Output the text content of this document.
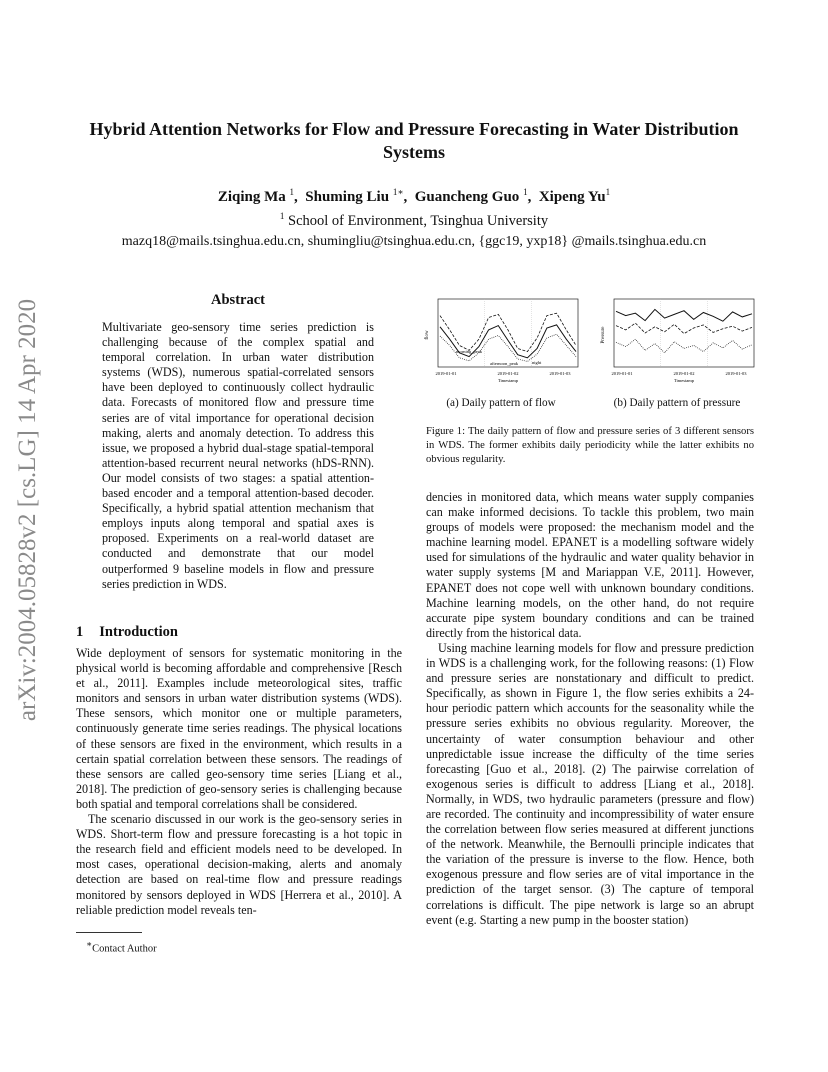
arXiv:2004.05828v2 [cs.LG] 14 Apr 2020
Hybrid Attention Networks for Flow and Pressure Forecasting in Water Distribution Systems
Ziqing Ma $^1$,  Shuming Liu $^{1∗}$,  Guancheng Guo $^1$,  Xipeng Yu$^1$
$^1$ School of Environment, Tsinghua University
mazq18@mails.tsinghua.edu.cn, shumingliu@tsinghua.edu.cn, {ggc19, yxp18} @mails.tsinghua.edu.cn
Abstract
Multivariate geo-sensory time series prediction is challenging because of the complex spatial and temporal correlation. In urban water distribution systems (WDS), numerous spatial-correlated sensors have been deployed to continuously collect hydraulic data. Forecasts of monitored flow and pressure time series are of vital importance for operational decision making, alerts and anomaly detection. To address this issue, we proposed a hybrid dual-stage spatial-temporal attention-based recurrent neural networks (hDS-RNN). Our model consists of two stages: a spatial attention-based encoder and a temporal attention-based decoder. Specifically, a hybrid spatial attention mechanism that employs inputs along temporal and spatial axes is proposed. Experiments on a real-world dataset are conducted and demonstrate that our model outperformed 9 baseline models in flow and pressure series prediction in WDS.
1 Introduction

Wide deployment of sensors for systematic monitoring in the physical world is becoming affordable and comprehensive [Resch et al., 2011]. Examples include meteorological sites, traffic monitors and sensors in urban water distribution systems (WDS). These sensors, which monitor one or multiple parameters, continuously generate time series readings. The physical locations of these sensors are fixed in the environment, which results in a certain spatial correlation between these sensors. The readings of these sensors are called geo-sensory time series [Liang et al., 2018]. The prediction of geo-sensory series is challenging because both spatial and temporal correlations shall be considered.

The scenario discussed in our work is the geo-sensory series in WDS. Short-term flow and pressure forecasting is a hot topic in the research field and efficient models need to be developed. In most cases, operational decision-making, alerts and anomaly detection are based on real-time flow and pressure readings monitored by sensors deployed in WDS [Herrera et al., 2010]. A reliable prediction model reveals ten-

∗Contact Author
flow
2019-01-01	2019-01-02	2019-01-03
Timestamp
morning_peak
afternoon_peak	night
Pressure
2019-01-01	2019-01-02	2019-01-03
Timestamp
(a) Daily pattern of flow	(b) Daily pattern of pressure
Figure 1: The daily pattern of flow and pressure series of 3 different sensors in WDS. The former exhibits daily periodicity while the latter exhibits no obvious regularity.

dencies in monitored data, which means water supply companies can make informed decisions. To tackle this problem, two main groups of models were proposed: the mechanism model and the machine learning model. EPANET is a modelling software widely used for simulations of the hydraulic and water quality behavior in water supply systems [M and Mariappan V.E, 2011]. However, EPANET does not cope well with unknown boundary conditions. Machine learning models, on the other hand, do not require accurate pipe system boundary conditions and can be trained directly from the historical data.

Using machine learning models for flow and pressure prediction in WDS is a challenging work, for the following reasons: (1) Flow and pressure series are nonstationary and difficult to predict. Specifically, as shown in Figure 1, the flow series exhibits a 24-hour periodic pattern which accounts for the seasonality while the pressure series exhibits no obvious regularity. Moreover, the uncertainty of water consumption behaviour and other unpredictable issue increase the difficulty of the time series forecasting [Guo et al., 2018]. (2) The pairwise correlation of exogenous series is difficult to address [Liang et al., 2018]. Normally, in WDS, two hydraulic parameters (pressure and flow) are recorded. The continuity and incompressibility of water ensure the correlation between flow series measured at different junctions of the network. Meanwhile, the Bernoulli principle indicates that the variation of the pressure is inverse to the flow. Hence, both exogenous pressure and flow series are of vital importance in the prediction of the target sensor. (3) The capture of temporal correlations is difficult. The pipe network is large so an abrupt event (e.g. Starting a new pump in the booster station)
